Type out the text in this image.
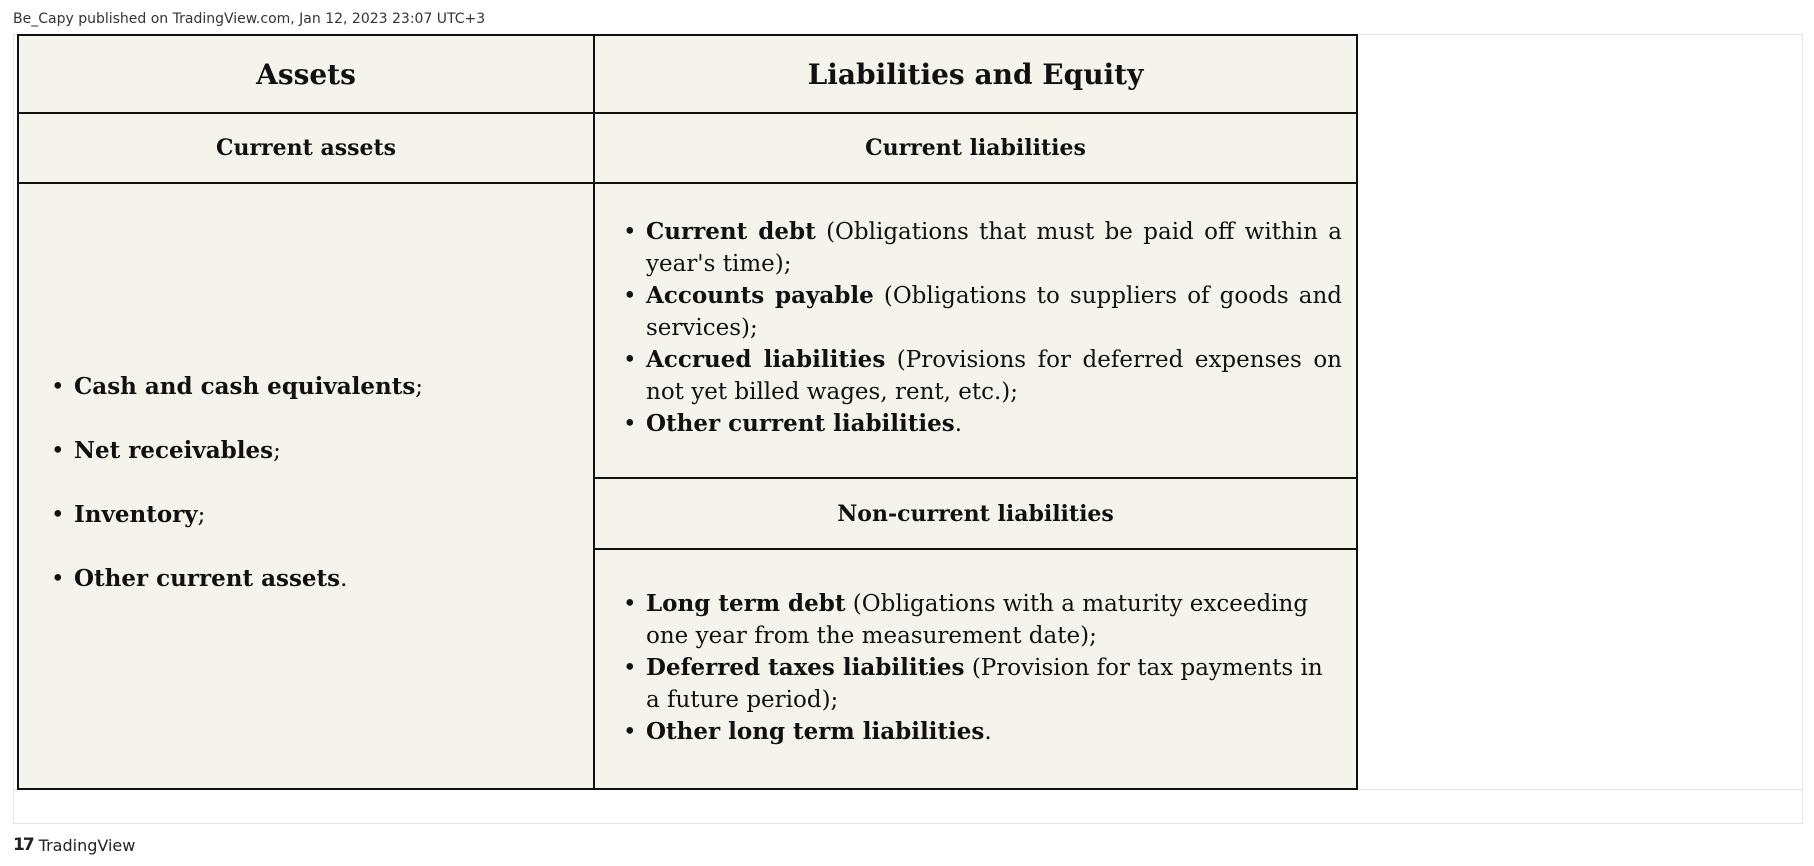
Be_Capy published on TradingView.com, Jan 12, 2023 23:07 UTC+3
Assets	Liabilities and Equity
Current assets	Current liabilities
Non-current liabilities
• Cash and cash equivalents;
• Net receivables;
• Inventory;
• Other current assets.
• Current debt (Obligations that must be paid off within a year's time);
• Accounts payable (Obligations to suppliers of goods and services);
• Accrued liabilities (Provisions for deferred expenses on not yet billed wages, rent, etc.);
• Other current liabilities.
• Long term debt (Obligations with a maturity exceeding one year from the measurement date);
• Deferred taxes liabilities (Provision for tax payments in a future period);
• Other long term liabilities.
17 TradingView
